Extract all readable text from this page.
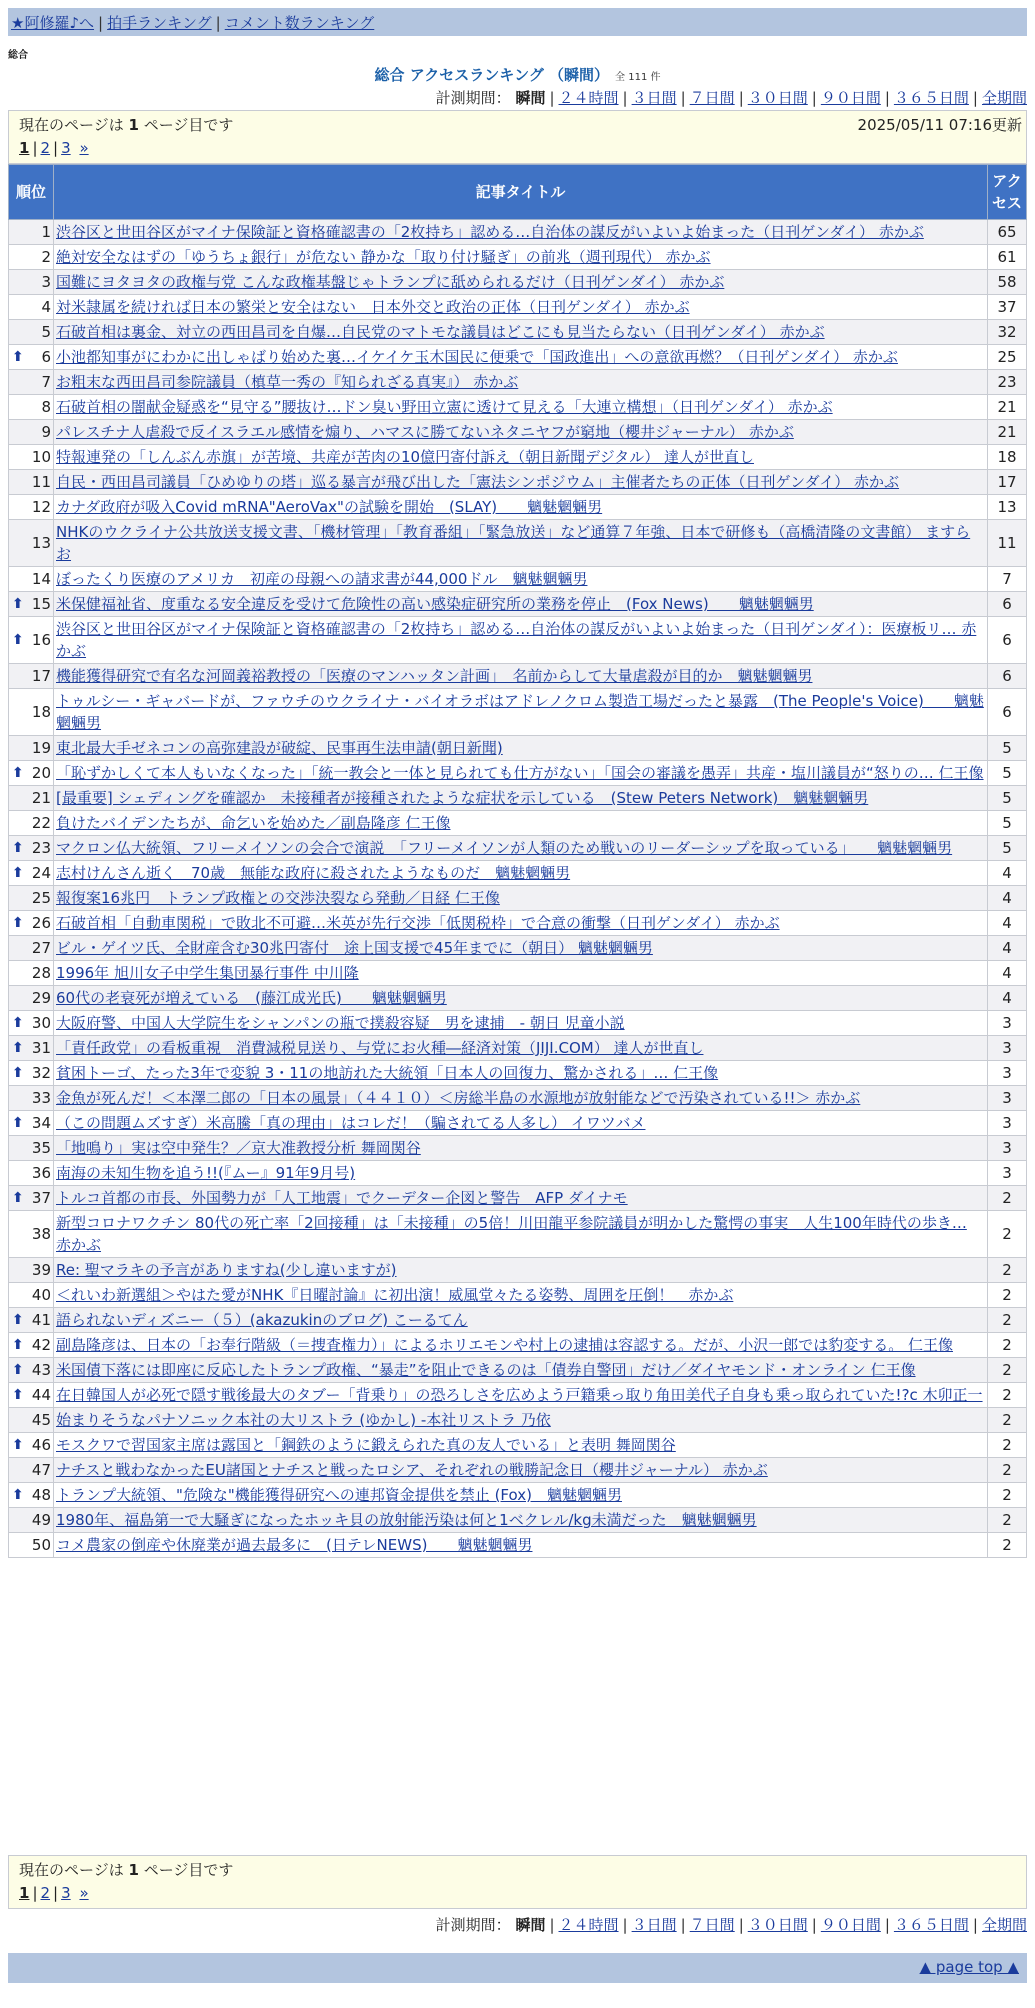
★阿修羅♪へ | 拍手ランキング | コメント数ランキング
総合
総合 アクセスランキング （瞬間） 全 111 件
計測期間： 瞬間 | ２４時間 | ３日間 | ７日間 | ３０日間 | ９０日間 | ３６５日間 | 全期間
現在のページは 1 ページ目です	2025/05/11 07:16更新
1 | 2 | 3 »
順位	記事タイトル	アクセス
1	渋谷区と世田谷区がマイナ保険証と資格確認書の「2枚持ち」認める…自治体の謀反がいよいよ始まった（日刊ゲンダイ） 赤かぶ	65
2	絶対安全なはずの「ゆうちょ銀行」が危ない 静かな「取り付け騒ぎ」の前兆（週刊現代） 赤かぶ	61
3	国難にヨタヨタの政権与党 こんな政権基盤じゃトランプに舐められるだけ（日刊ゲンダイ） 赤かぶ	58
4	対米隷属を続ければ日本の繁栄と安全はない　日本外交と政治の正体（日刊ゲンダイ） 赤かぶ	37
5	石破首相は裏金、対立の西田昌司を自爆…自民党のマトモな議員はどこにも見当たらない（日刊ゲンダイ） 赤かぶ	32

⬆ 6	小池都知事がにわかに出しゃばり始めた裏…イケイケ玉木国民に便乗で「国政進出」への意欲再燃？（日刊ゲンダイ） 赤かぶ	25
7	お粗末な西田昌司参院議員（槙草一秀の『知られざる真実』） 赤かぶ	23
8	石破首相の闇献金疑惑を“見守る”腰抜け…ドン臭い野田立憲に透けて見える「大連立構想」（日刊ゲンダイ） 赤かぶ	21
9	パレスチナ人虐殺で反イスラエル感情を煽り、ハマスに勝てないネタニヤフが窮地（櫻井ジャーナル） 赤かぶ	21
10	特報連発の「しんぶん赤旗」が苦境、共産が苦肉の10億円寄付訴え（朝日新聞デジタル） 達人が世直し	18
11	自民・西田昌司議員「ひめゆりの塔」巡る暴言が飛び出した「憲法シンポジウム」主催者たちの正体（日刊ゲンダイ） 赤かぶ	17
12	カナダ政府が吸入Covid mRNA"AeroVax"の試験を開始　(SLAY)　　魑魅魍魎男	13
13	NHKのウクライナ公共放送支援文書、「機材管理」「教育番組」「緊急放送」など通算７年強、日本で研修も（高橋清隆の文書館） ますらお	11
14	ぼったくり医療のアメリカ　初産の母親への請求書が44,000ドル　魑魅魍魎男	7

⬆ 15	米保健福祉省、度重なる安全違反を受けて危険性の高い感染症研究所の業務を停止　(Fox News)　　魑魅魍魎男	6

⬆ 16	渋谷区と世田谷区がマイナ保険証と資格確認書の「2枚持ち」認める…自治体の謀反がいよいよ始まった（日刊ゲンダイ）：医療板リ… 赤かぶ	6
17	機能獲得研究で有名な河岡義裕教授の「医療のマンハッタン計画」　名前からして大量虐殺が目的か　魑魅魍魎男	6
18	トゥルシー・ギャバードが、ファウチのウクライナ・バイオラボはアドレノクロム製造工場だったと暴露　(The People's Voice)　　魑魅魍魎男	6
19	東北最大手ゼネコンの高弥建設が破綻、民事再生法申請(朝日新聞)	5

⬆ 20	「恥ずかしくて本人もいなくなった」「統一教会と一体と見られても仕方がない」「国会の審議を愚弄」共産・塩川議員が“怒りの… 仁王像	5
21	[最重要] シェディングを確認か　未接種者が接種されたような症状を示している　(Stew Peters Network)　魑魅魍魎男	5
22	負けたバイデンたちが、命乞いを始めた／副島隆彦 仁王像	5

⬆ 23	マクロン仏大統領、フリーメイソンの会合で演説　「フリーメイソンが人類のため戦いのリーダーシップを取っている」　　魑魅魍魎男	5

⬆ 24	志村けんさん逝く　70歳　無能な政府に殺されたようなものだ　魑魅魍魎男	4
25	報復案16兆円　トランプ政権との交渉決裂なら発動／日経 仁王像	4

⬆ 26	石破首相「自動車関税」で敗北不可避…米英が先行交渉「低関税枠」で合意の衝撃（日刊ゲンダイ） 赤かぶ	4
27	ビル・ゲイツ氏、全財産含む30兆円寄付　途上国支援で45年までに（朝日） 魑魅魍魎男	4
28	1996年 旭川女子中学生集団暴行事件 中川隆	4
29	60代の老衰死が増えている　(藤江成光氏)　　魑魅魍魎男	4

⬆ 30	大阪府警、中国人大学院生をシャンパンの瓶で撲殺容疑　男を逮捕　- 朝日 児童小説	3

⬆ 31	「責任政党」の看板重視　消費減税見送り、与党にお火種―経済対策（JIJI.COM） 達人が世直し	3

⬆ 32	貧困トーゴ、たった3年で変貌 3・11の地訪れた大統領「日本人の回復力、驚かされる」… 仁王像	3
33	金魚が死んだ！＜本澤二郎の「日本の風景」（４４１０）＜房総半島の水源地が放射能などで汚染されている!!＞ 赤かぶ	3

⬆ 34	（この問題ムズすぎ）米高騰「真の理由」はコレだ！（騙されてる人多し） イワツバメ	3
35	「地鳴り」実は空中発生？／京大准教授分析 舞岡関谷	3
36	南海の未知生物を追う!!(『ムー』91年9月号)	3

⬆ 37	トルコ首都の市長、外国勢力が「人工地震」でクーデター企図と警告　AFP ダイナモ	2
38	新型コロナワクチン 80代の死亡率「2回接種」は「未接種」の5倍！川田龍平参院議員が明かした驚愕の事実　人生100年時代の歩き… 赤かぶ	2
39	Re: 聖マラキの予言がありますね(少し違いますが)	2
40	＜れいわ新選組＞やはた愛がNHK『日曜討論』に初出演！威風堂々たる姿勢、周囲を圧倒！　赤かぶ	2

⬆ 41	語られないディズニー（５）(akazukinのブログ) こーるてん	2

⬆ 42	副島隆彦は、日本の「お奉行階級（＝捜査権力）」によるホリエモンや村上の逮捕は容認する。だが、小沢一郎では豹変する。 仁王像	2

⬆ 43	米国債下落には即座に反応したトランプ政権、“暴走”を阻止できるのは「債券自警団」だけ／ダイヤモンド・オンライン 仁王像	2

⬆ 44	在日韓国人が必死で隠す戦後最大のタブー「背乗り」の恐ろしさを広めよう戸籍乗っ取り角田美代子自身も乗っ取られていた!?c 木卯正一	2
45	始まりそうなパナソニック本社の大リストラ (ゆかし) -本社リストラ 乃依	2

⬆ 46	モスクワで習国家主席は露国と「鋼鉄のように鍛えられた真の友人でいる」と表明 舞岡関谷	2
47	ナチスと戦わなかったEU諸国とナチスと戦ったロシア、それぞれの戦勝記念日（櫻井ジャーナル） 赤かぶ	2

⬆ 48	トランプ大統領、"危険な"機能獲得研究への連邦資金提供を禁止 (Fox)　魑魅魍魎男	2
49	1980年、福島第一で大騒ぎになったホッキ貝の放射能汚染は何と1ベクレル/kg未満だった　魑魅魍魎男	2
50	コメ農家の倒産や休廃業が過去最多に　(日テレNEWS)　　魑魅魍魎男	2
現在のページは 1 ページ目です
1 | 2 | 3 »
計測期間： 瞬間 | ２４時間 | ３日間 | ７日間 | ３０日間 | ９０日間 | ３６５日間 | 全期間
▲ page top ▲
